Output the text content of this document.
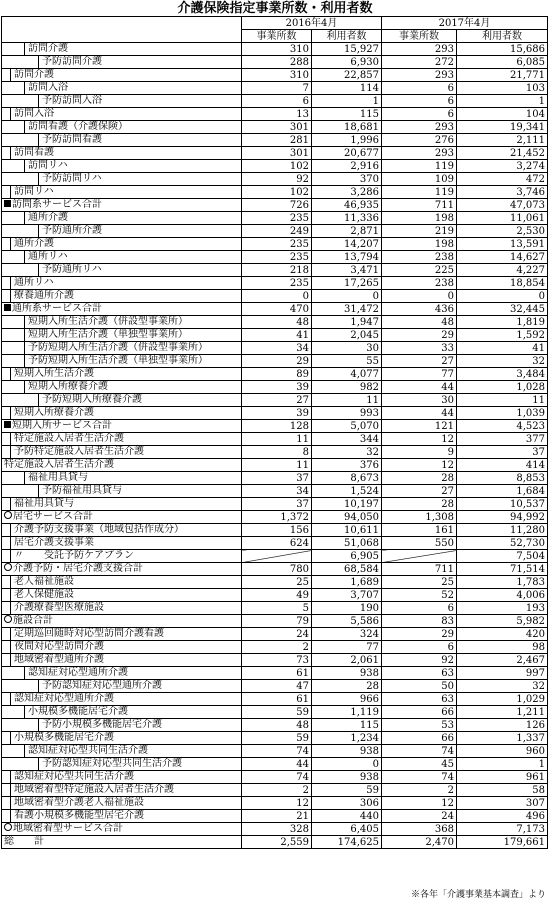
介護保険指定事業所数・利用者数
	2016年4月		2017年4月	
	事業所数	利用者数	事業所数	利用者数

訪問介護	310	15,927	293	15,686

予防訪問介護	288	6,930	272	6,085

訪問介護	310	22,857	293	21,771

訪問入浴	7	114	6	103

予防訪問入浴	6	1	6	1

訪問入浴	13	115	6	104

訪問看護（介護保険）	301	18,681	293	19,341

予防訪問看護	281	1,996	276	2,111

訪問看護	301	20,677	293	21,452

訪問リハ	102	2,916	119	3,274

予防訪問リハ	92	370	109	472

訪問リハ	102	3,286	119	3,746

訪問系サービス合計	726	46,935	711	47,073

通所介護	235	11,336	198	11,061

予防通所介護	249	2,871	219	2,530

通所介護	235	14,207	198	13,591

通所リハ	235	13,794	238	14,627

予防通所リハ	218	3,471	225	4,227

通所リハ	235	17,265	238	18,854

療養通所介護	0	0	0	0

通所系サービス合計	470	31,472	436	32,445

短期入所生活介護（併設型事業所）	48	1,947	48	1,819

短期入所生活介護（単独型事業所）	41	2,045	29	1,592

予防短期入所生活介護（併設型事業所）	34	30	33	41

予防短期入所生活介護（単独型事業所）	29	55	27	32

短期入所生活介護	89	4,077	77	3,484

短期入所療養介護	39	982	44	1,028

予防短期入所療養介護	27	11	30	11

短期入所療養介護	39	993	44	1,039

短期入所サービス合計	128	5,070	121	4,523

特定施設入居者生活介護	11	344	12	377

予防特定施設入居者生活介護	8	32	9	37

特定施設入居者生活介護	11	376	12	414

福祉用具貸与	37	8,673	28	8,853

予防福祉用具貸与	34	1,524	27	1,684

福祉用具貸与	37	10,197	28	10,537

居宅サービス合計	1,372	94,050	1,308	94,992

介護予防支援事業（地域包括作成分）	156	10,611	161	11,280

居宅介護支援事業	624	51,068	550	52,730

〃　　受託予防ケアプラン		6,905		7,504

介護予防・居宅介護支援合計	780	68,584	711	71,514

老人福祉施設	25	1,689	25	1,783

老人保健施設	49	3,707	52	4,006

介護療養型医療施設	5	190	6	193

施設合計	79	5,586	83	5,982

定期巡回随時対応型訪問介護看護	24	324	29	420

夜間対応型訪問介護	2	77	6	98

地域密着型通所介護	73	2,061	92	2,467

認知症対応型通所介護	61	938	63	997

予防認知症対応型通所介護	47	28	50	32

認知症対応型通所介護	61	966	63	1,029

小規模多機能居宅介護	59	1,119	66	1,211

予防小規模多機能居宅介護	48	115	53	126

小規模多機能居宅介護	59	1,234	66	1,337

認知症対応型共同生活介護	74	938	74	960

予防認知症対応型共同生活介護	44	0	45	1

認知症対応型共同生活介護	74	938	74	961

地域密着型特定施設入居者生活介護	2	59	2	58

地域密着型介護老人福祉施設	12	306	12	307

看護小規模多機能型居宅介護	21	440	24	496

地域密着型サービス合計	328	6,405	368	7,173

総　　計	2,559	174,625	2,470	179,661
※各年「介護事業基本調査」より
